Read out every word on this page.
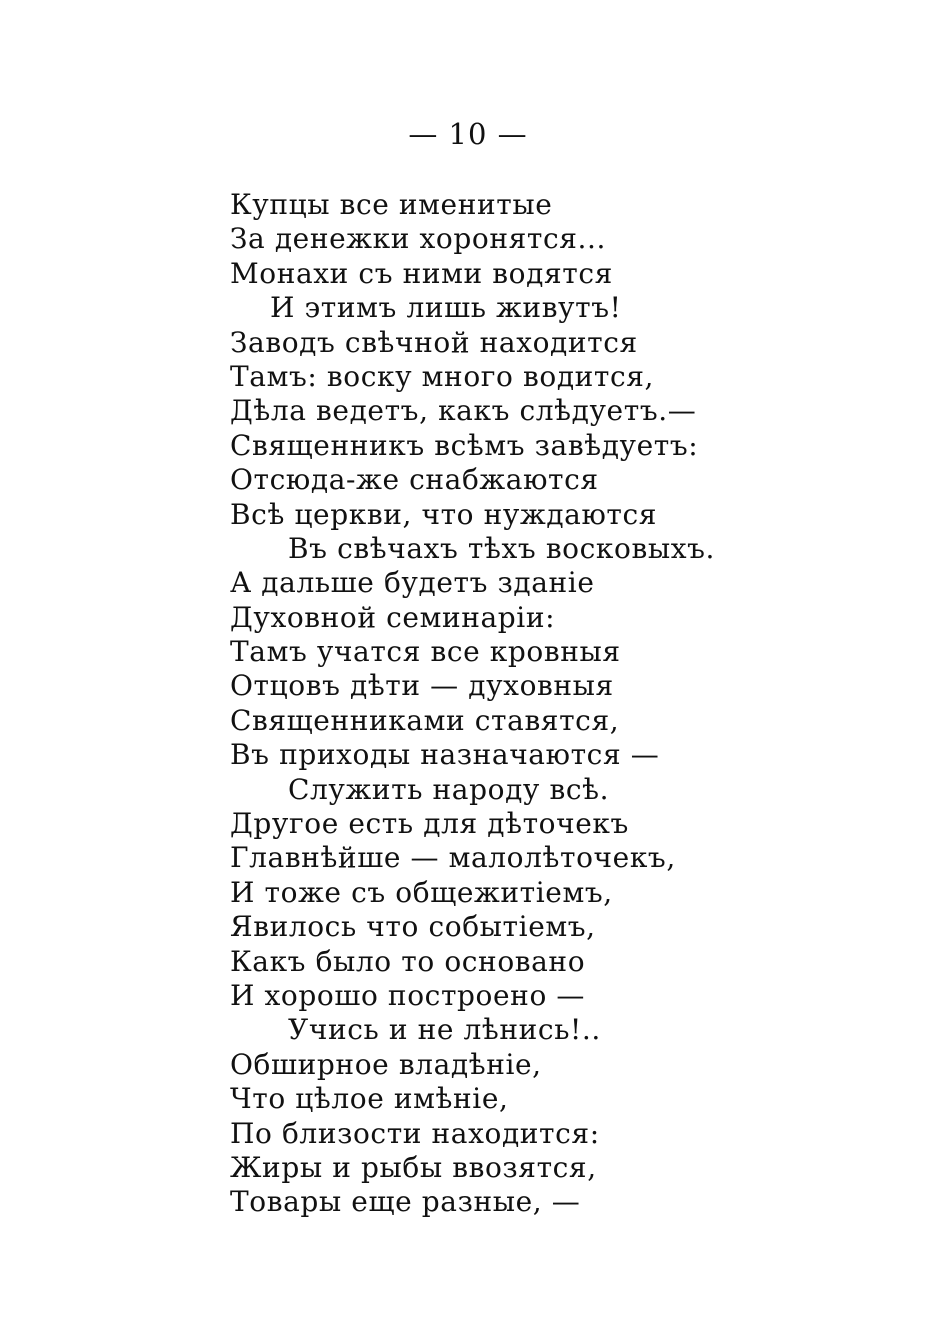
— 10 —
Купцы все именитые
За денежки хоронятся...
Монахи съ ними водятся
И этимъ лишь живутъ!
Заводъ свѣчной находится
Тамъ: воску много водится,
Дѣла ведетъ, какъ слѣдуетъ.—
Священникъ всѣмъ завѣдуетъ:
Отсюда-же снабжаются
Всѣ церкви, что нуждаются
Въ свѣчахъ тѣхъ восковыхъ.
А дальше будетъ зданіе
Духовной семинаріи:
Тамъ учатся все кровныя
Отцовъ дѣти — духовныя
Священниками ставятся,
Въ приходы назначаются —
Служить народу всѣ.
Другое есть для дѣточекъ
Главнѣйше — малолѣточекъ,
И тоже съ общежитіемъ,
Явилось что событіемъ,
Какъ было то основано
И хорошо построено —
Учись и не лѣнись!..
Обширное владѣніе,
Что цѣлое имѣніе,
По близости находится:
Жиры и рыбы ввозятся,
Товары еще разные, —
